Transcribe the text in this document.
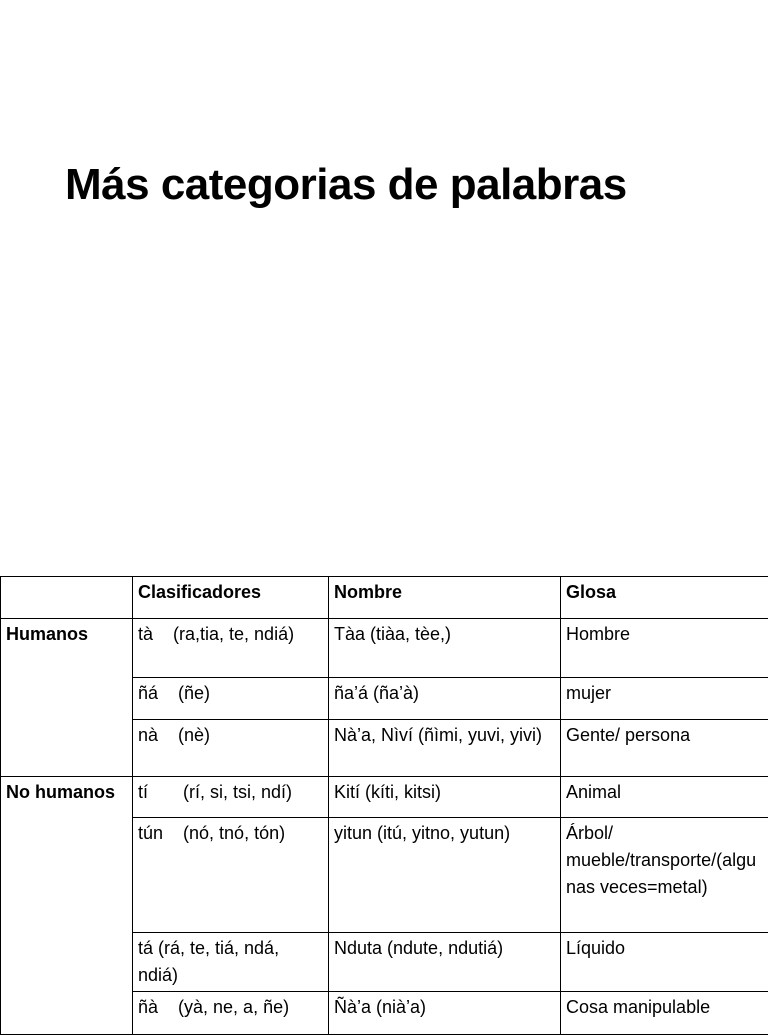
Más categorias de palabras
	Clasificadores	Nombre	Glosa
Humanos	tà    (ra,tia, te, ndiá)	Tàa (tiàa, tèe,)	Hombre
	ñá    (ñe)	ña’á (ña’à)	mujer
	nà    (nè)	Nà’a, Nìví (ñìmi, yuvi, yivi)	Gente/ persona
No humanos	tí       (rí, si, tsi, ndí)	Kití (kíti, kitsi)	Animal
	tún    (nó, tnó, tón)	yitun (itú, yitno, yutun)	Árbol/ mueble/transporte/(algunas veces=metal)
	tá (rá, te, tiá, ndá, ndiá)	Nduta (ndute, ndutiá)	Líquido
	ñà    (yà, ne, a, ñe)	Ñà’a (nià’a)	Cosa manipulable
